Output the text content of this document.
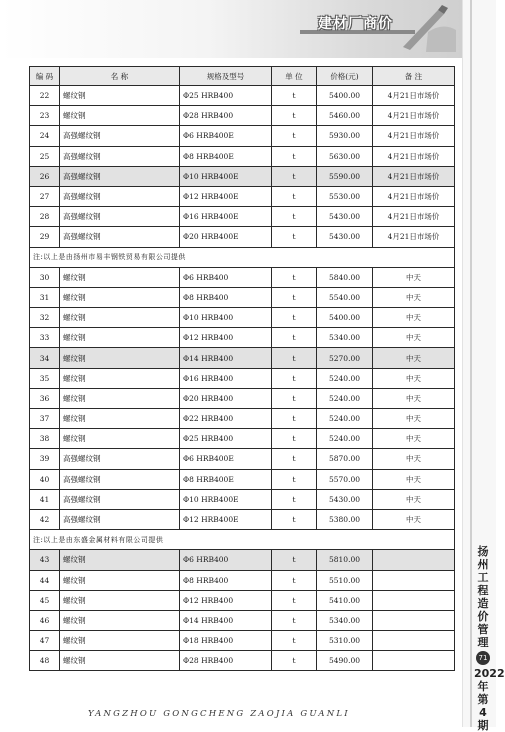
建材厂商价
扬州工程造价管理
71
2022年第4期
编 码	名 称	规格及型号	单 位	价格(元)	备 注
22	螺纹钢	Φ25 HRB400	t	5400.00	4月21日市场价
23	螺纹钢	Φ28 HRB400	t	5460.00	4月21日市场价
24	高强螺纹钢	Φ6 HRB400E	t	5930.00	4月21日市场价
25	高强螺纹钢	Φ8 HRB400E	t	5630.00	4月21日市场价
26	高强螺纹钢	Φ10 HRB400E	t	5590.00	4月21日市场价
27	高强螺纹钢	Φ12 HRB400E	t	5530.00	4月21日市场价
28	高强螺纹钢	Φ16 HRB400E	t	5430.00	4月21日市场价
29	高强螺纹钢	Φ20 HRB400E	t	5430.00	4月21日市场价
注:以上是由扬州市易丰钢铁贸易有限公司提供					
30	螺纹钢	Φ6 HRB400	t	5840.00	中天
31	螺纹钢	Φ8 HRB400	t	5540.00	中天
32	螺纹钢	Φ10 HRB400	t	5400.00	中天
33	螺纹钢	Φ12 HRB400	t	5340.00	中天
34	螺纹钢	Φ14 HRB400	t	5270.00	中天
35	螺纹钢	Φ16 HRB400	t	5240.00	中天
36	螺纹钢	Φ20 HRB400	t	5240.00	中天
37	螺纹钢	Φ22 HRB400	t	5240.00	中天
38	螺纹钢	Φ25 HRB400	t	5240.00	中天
39	高强螺纹钢	Φ6 HRB400E	t	5870.00	中天
40	高强螺纹钢	Φ8 HRB400E	t	5570.00	中天
41	高强螺纹钢	Φ10 HRB400E	t	5430.00	中天
42	高强螺纹钢	Φ12 HRB400E	t	5380.00	中天
注:以上是由东盛金属材料有限公司提供					
43	螺纹钢	Φ6 HRB400	t	5810.00	
44	螺纹钢	Φ8 HRB400	t	5510.00	
45	螺纹钢	Φ12 HRB400	t	5410.00	
46	螺纹钢	Φ14 HRB400	t	5340.00	
47	螺纹钢	Φ18 HRB400	t	5310.00	
48	螺纹钢	Φ28 HRB400	t	5490.00	
YANGZHOU GONGCHENG ZAOJIA GUANLI
